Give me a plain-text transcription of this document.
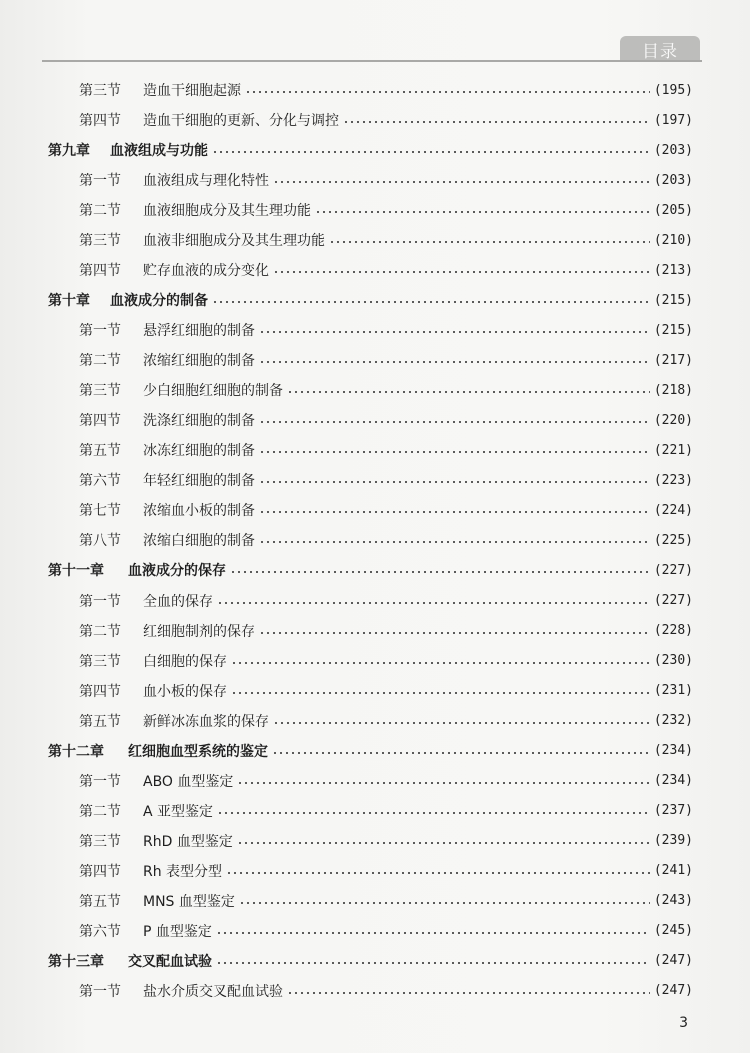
目录
第三节 造血干细胞起源	(195)
第四节 造血干细胞的更新、分化与调控	(197)
第九章 血液组成与功能	(203)
第一节 血液组成与理化特性	(203)
第二节 血液细胞成分及其生理功能	(205)
第三节 血液非细胞成分及其生理功能	(210)
第四节 贮存血液的成分变化	(213)
第十章 血液成分的制备	(215)
第一节 悬浮红细胞的制备	(215)
第二节 浓缩红细胞的制备	(217)
第三节 少白细胞红细胞的制备	(218)
第四节 洗涤红细胞的制备	(220)
第五节 冰冻红细胞的制备	(221)
第六节 年轻红细胞的制备	(223)
第七节 浓缩血小板的制备	(224)
第八节 浓缩白细胞的制备	(225)
第十一章 血液成分的保存	(227)
第一节 全血的保存	(227)
第二节 红细胞制剂的保存	(228)
第三节 白细胞的保存	(230)
第四节 血小板的保存	(231)
第五节 新鲜冰冻血浆的保存	(232)
第十二章 红细胞血型系统的鉴定	(234)
第一节 ABO 血型鉴定	(234)
第二节 A 亚型鉴定	(237)
第三节 RhD 血型鉴定	(239)
第四节 Rh 表型分型	(241)
第五节 MNS 血型鉴定	(243)
第六节 P 血型鉴定	(245)
第十三章 交叉配血试验	(247)
第一节 盐水介质交叉配血试验	(247)
3
